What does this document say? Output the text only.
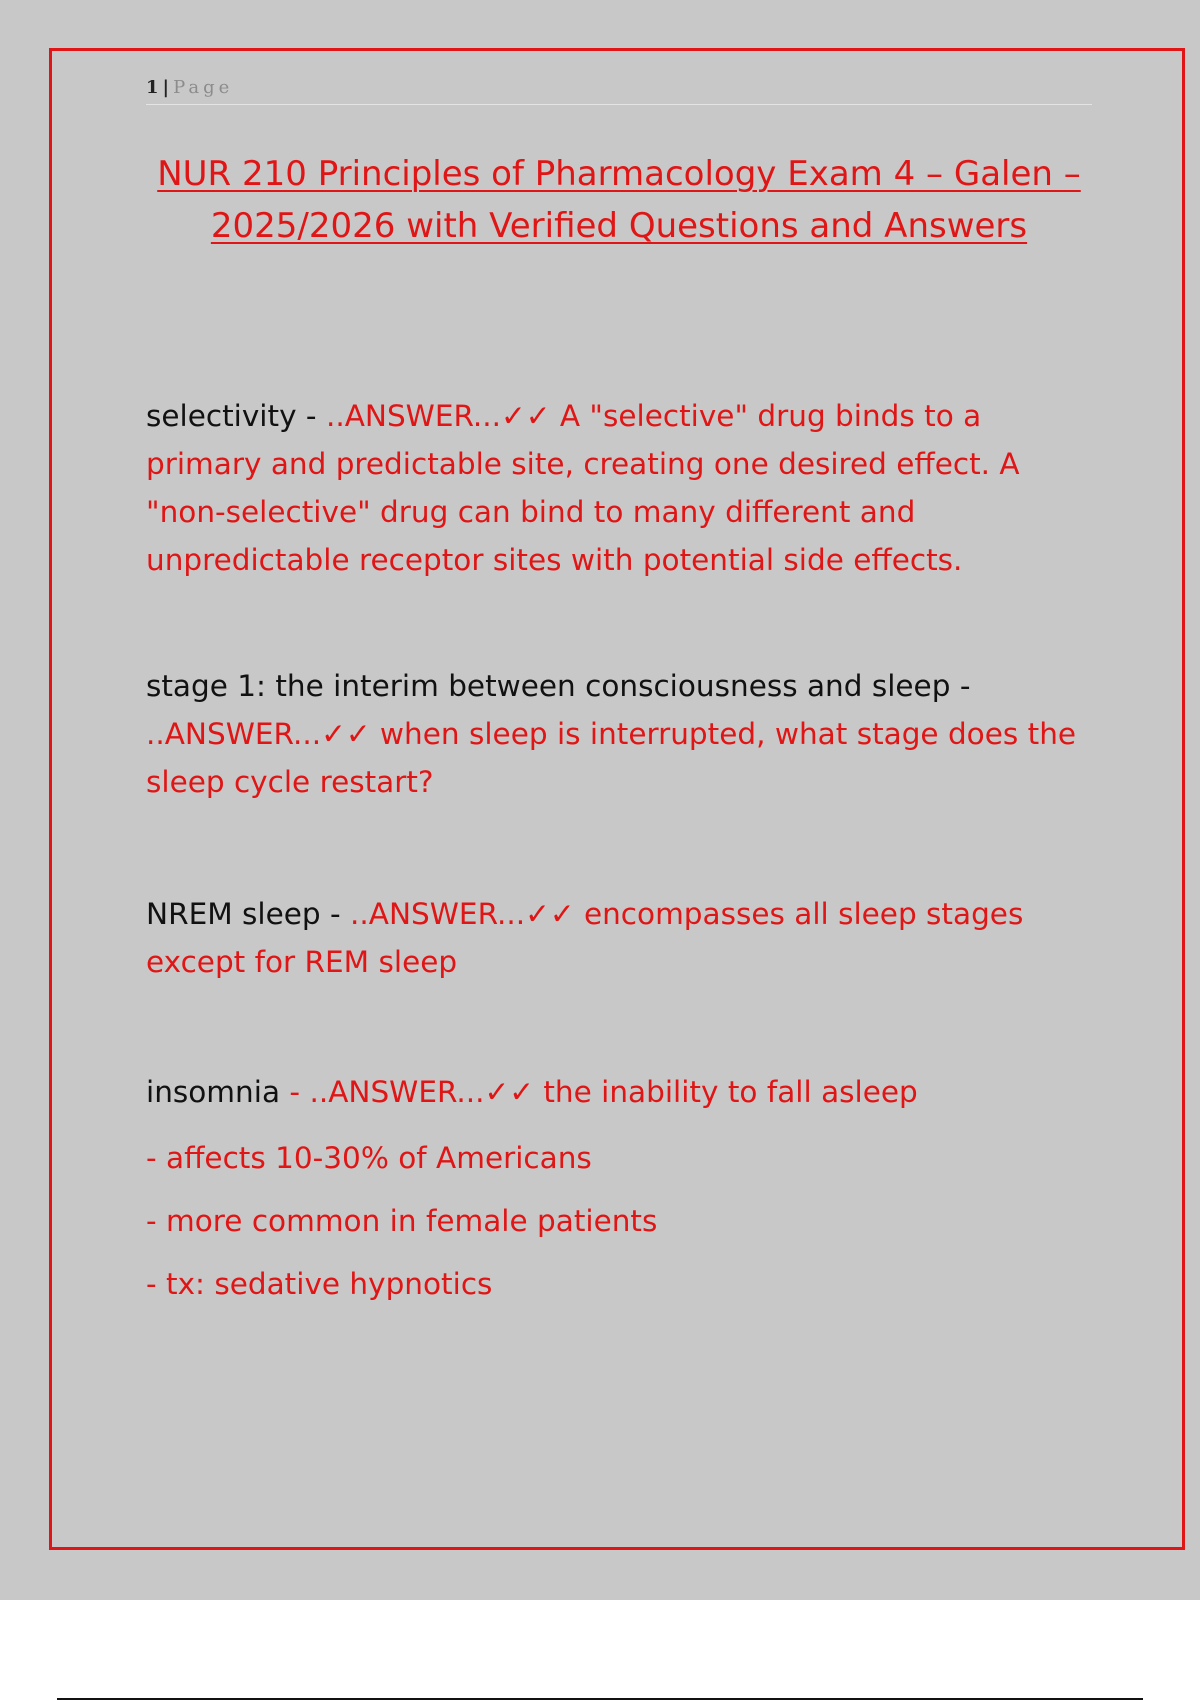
1 | Page
NUR 210 Principles of Pharmacology Exam 4 – Galen – 2025/2026 with Verified Questions and Answers

selectivity - ..ANSWER...✓✓ A "selective" drug binds to a primary and predictable site, creating one desired effect. A "non-selective" drug can bind to many different and unpredictable receptor sites with potential side effects.

stage 1: the interim between consciousness and sleep - ..ANSWER...✓✓ when sleep is interrupted, what stage does the sleep cycle restart?

NREM sleep - ..ANSWER...✓✓ encompasses all sleep stages except for REM sleep

insomnia - ..ANSWER...✓✓ the inability to fall asleep

- affects 10-30% of Americans
- more common in female patients
- tx: sedative hypnotics
